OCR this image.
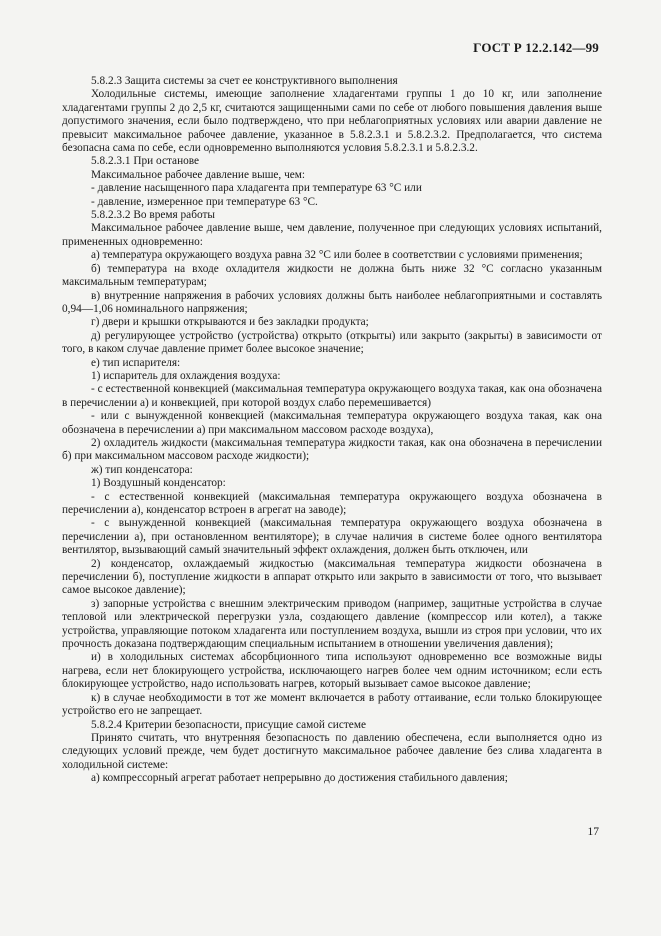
ГОСТ Р 12.2.142—99

5.8.2.3 Защита системы за счет ее конструктивного выполнения

Холодильные системы, имеющие заполнение хладагентами группы 1 до 10 кг, или заполнение хладагентами группы 2 до 2,5 кг, считаются защищенными сами по себе от любого повышения давления выше допустимого значения, если было подтверждено, что при неблагоприятных условиях или аварии давление не превысит максимальное рабочее давление, указанное в 5.8.2.3.1 и 5.8.2.3.2. Предполагается, что система безопасна сама по себе, если одновременно выполняются условия 5.8.2.3.1 и 5.8.2.3.2.

5.8.2.3.1 При останове

Максимальное рабочее давление выше, чем:

- давление насыщенного пара хладагента при температуре 63 °С или

- давление, измеренное при температуре 63 °С.

5.8.2.3.2 Во время работы

Максимальное рабочее давление выше, чем давление, полученное при следующих условиях испытаний, примененных одновременно:

а) температура окружающего воздуха равна 32 °С или более в соответствии с условиями применения;

б) температура на входе охладителя жидкости не должна быть ниже 32 °С согласно указанным максимальным температурам;

в) внутренние напряжения в рабочих условиях должны быть наиболее неблагоприятными и составлять 0,94—1,06 номинального напряжения;

г) двери и крышки открываются и без закладки продукта;

д) регулирующее устройство (устройства) открыто (открыты) или закрыто (закрыты) в зависимости от того, в каком случае давление примет более высокое значение;

е) тип испарителя:

1) испаритель для охлаждения воздуха:

- с естественной конвекцией (максимальная температура окружающего воздуха такая, как она обозначена в перечислении а) и конвекцией, при которой воздух слабо перемешивается)

- или с вынужденной конвекцией (максимальная температура окружающего воздуха такая, как она обозначена в перечислении а) при максимальном массовом расходе воздуха),

2) охладитель жидкости (максимальная температура жидкости такая, как она обозначена в перечислении б) при максимальном массовом расходе жидкости);

ж) тип конденсатора:

1) Воздушный конденсатор:

- с естественной конвекцией (максимальная температура окружающего воздуха обозначена в перечислении а), конденсатор встроен в агрегат на заводе);

- с вынужденной конвекцией (максимальная температура окружающего воздуха обозначена в перечислении а), при остановленном вентиляторе); в случае наличия в системе более одного вентилятора вентилятор, вызывающий самый значительный эффект охлаждения, должен быть отключен, или

2) конденсатор, охлаждаемый жидкостью (максимальная температура жидкости обозначена в перечислении б), поступление жидкости в аппарат открыто или закрыто в зависимости от того, что вызывает самое высокое давление);

з) запорные устройства с внешним электрическим приводом (например, защитные устройства в случае тепловой или электрической перегрузки узла, создающего давление (компрессор или котел), а также устройства, управляющие потоком хладагента или поступлением воздуха, вышли из строя при условии, что их прочность доказана подтверждающим специальным испытанием в отношении увеличения давления);

и) в холодильных системах абсорбционного типа используют одновременно все возможные виды нагрева, если нет блокирующего устройства, исключающего нагрев более чем одним источником; если есть блокирующее устройство, надо использовать нагрев, который вызывает самое высокое давление;

к) в случае необходимости в тот же момент включается в работу оттаивание, если только блокирующее устройство его не запрещает.

5.8.2.4 Критерии безопасности, присущие самой системе

Принято считать, что внутренняя безопасность по давлению обеспечена, если выполняется одно из следующих условий прежде, чем будет достигнуто максимальное рабочее давление без слива хладагента в холодильной системе:

а) компрессорный агрегат работает непрерывно до достижения стабильного давления;

17
